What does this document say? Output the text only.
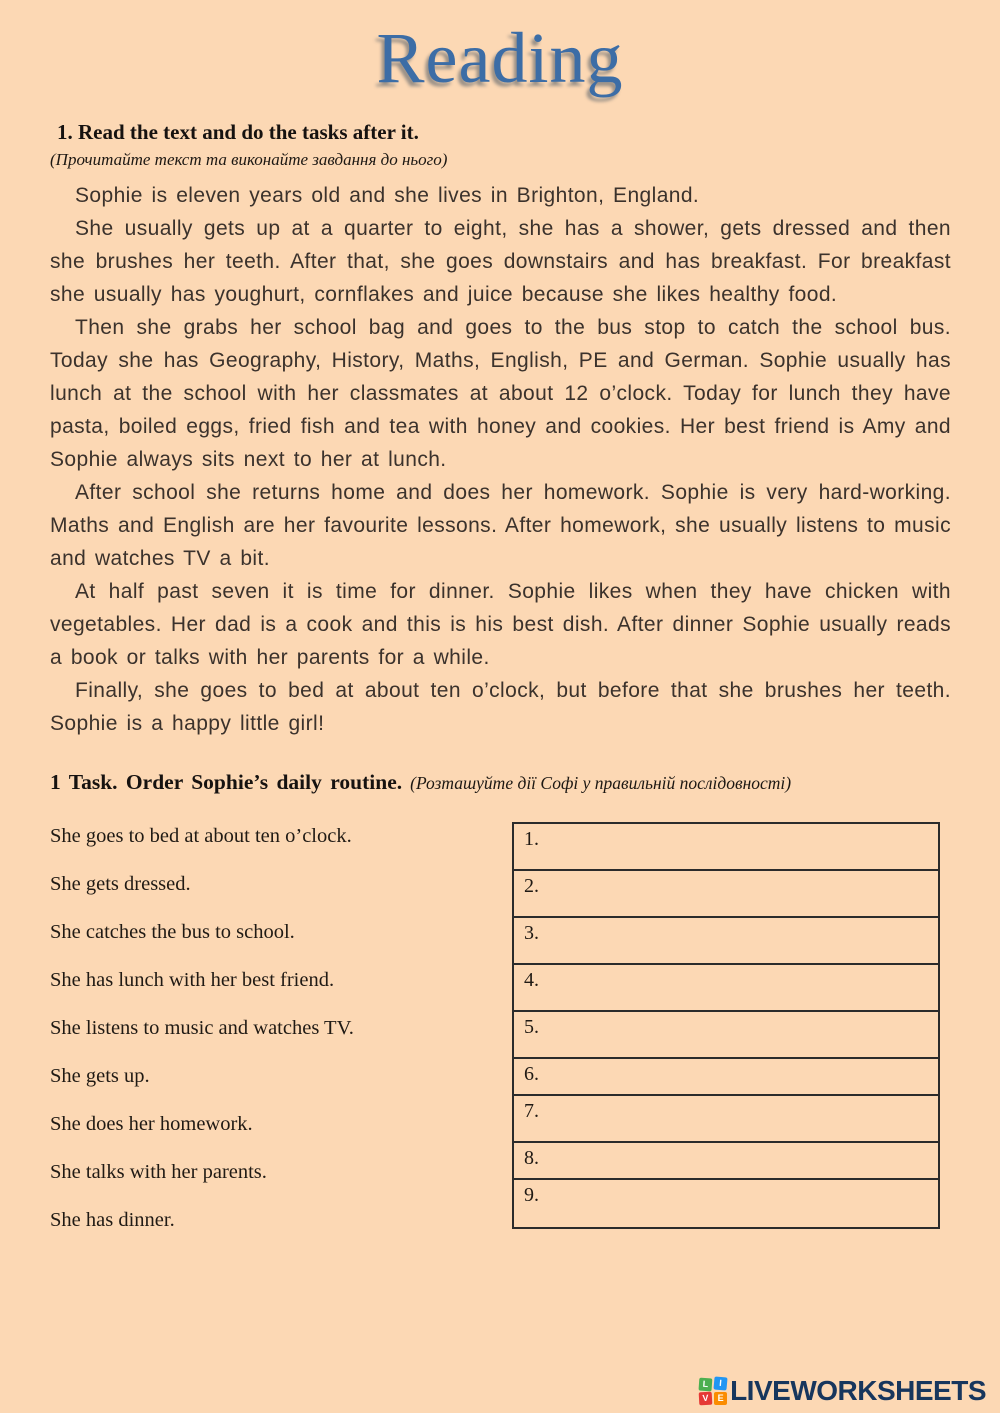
Reading
1. Read the text and do the tasks after it.
(Прочитайте текст та виконайте завдання до нього)

Sophie is eleven years old and she lives in Brighton, England.

She usually gets up at a quarter to eight, she has a shower, gets dressed and then she brushes her teeth. After that, she goes downstairs and has breakfast. For breakfast she usually has youghurt, cornflakes and juice because she likes healthy food.

Then she grabs her school bag and goes to the bus stop to catch the school bus. Today she has Geography, History, Maths, English, PE and German. Sophie usually has lunch at the school with her classmates at about 12 o’clock. Today for lunch they have pasta, boiled eggs, fried fish and tea with honey and cookies. Her best friend is Amy and Sophie always sits next to her at lunch.

After school she returns home and does her homework. Sophie is very hard-working. Maths and English are her favourite lessons. After homework, she usually listens to music and watches TV a bit.

At half past seven it is time for dinner. Sophie likes when they have chicken with vegetables. Her dad is a cook and this is his best dish. After dinner Sophie usually reads a book or talks with her parents for a while.

Finally, she goes to bed at about ten o’clock, but before that she brushes her teeth. Sophie is a happy little girl!

1 Task. Order Sophie’s daily routine. (Розташуйте дії Софі у правильній послідовності)
She goes to bed at about ten o’clock.
She gets dressed.
She catches the bus to school.
She has lunch with her best friend.
She listens to music and watches TV.
She gets up.
She does her homework.
She talks with her parents.
She has dinner.
1.
2.
3.
4.
5.
6.
7.
8.
9.
L	I
V E LIVEWORKSHEETS
